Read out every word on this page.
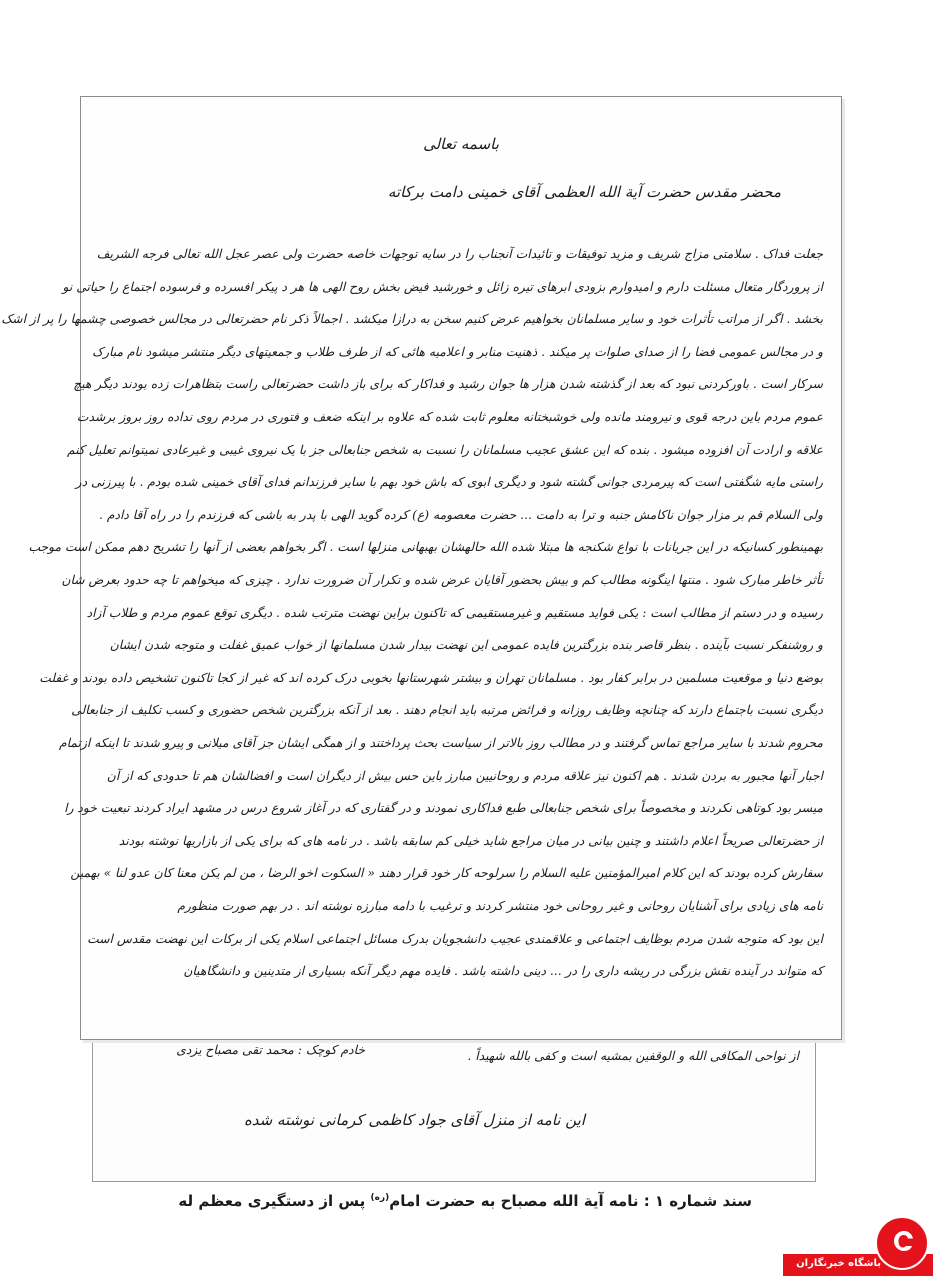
از نواحی المکافی الله و الوقفین بمشیه است و کفی بالله شهیداً .
خادم کوچک : محمد تقی مصباح یزدی
این نامه از منزل آقای جواد کاظمی کرمانی نوشته شده
باسمه تعالی
محضر مقدس حضرت آیة الله العظمی آقای خمینی دامت برکاته
جعلت فداک . سلامتی مزاج شریف و مزید توفیقات و تائیدات آنجناب را در سایه توجهات خاصه حضرت ولی عصر عجل الله تعالی فرجه الشریف
از پروردگار متعال مسئلت دارم و امیدوارم بزودی ابرهای تیره زائل و خورشید فیض بخش روح الهی ها هر د پیکر افسرده و فرسوده اجتماع را حیاتی نو
بخشد . اگر از مراتب تأثرات خود و سایر مسلمانان بخواهیم عرض کنیم سخن به درازا میکشد . اجمالاً ذکر نام حضرتعالی در مجالس خصوصی چشمها را پر از اشک
و در مجالس عمومی فضا را از صدای صلوات پر میکند . ذهنیت منابر و اعلامیه هائی که از طرف طلاب و جمعیتهای دیگر منتشر میشود نام مبارک
سرکار است . باورکردنی نبود که بعد از گذشته شدن هزار ها جوان رشید و فداکار که برای باز داشت حضرتعالی راست بتظاهرات زده بودند دیگر هیچ
عموم مردم باین درجه قوی و نیرومند مانده ولی خوشبختانه معلوم ثابت شده که علاوه بر اینکه ضعف و فتوری در مردم روی نداده روز بروز برشدت
علاقه و ارادت آن افزوده میشود . بنده که این عشق عجیب مسلمانان را نسبت به شخص جنابعالی جز با یک نیروی غیبی و غیرعادی نمیتوانم تعلیل کنم
راستی مایه شگفتی است که پیرمردی جوانی گشته شود و دیگری ابوی که باش خود بهم با سایر فرزندانم فدای آقای خمینی شده بودم . با پیرزنی در
ولی السلام قم بر مزار جوان ناکامش جنبه و ترا به دامت ... حضرت معصومه (ع) کرده گوید الهی با پدر به باشی که فرزندم را در راه آقا دادم .
بهمینطور کسانیکه در این جریانات با نواع شکنجه ها مبتلا شده الله حالهشان بهبهانی منزلها است . اگر بخواهم بعضی از آنها را تشریح دهم ممکن است موجب
تأثر خاطر مبارک شود . منتها اینگونه مطالب کم و بیش بحضور آقایان عرض شده و تکرار آن ضرورت ندارد . چیزی که میخواهم تا چه حدود بعرض شان
رسیده و در دستم از مطالب است : یکی فواید مستقیم و غیرمستقیمی که تاکنون براین نهضت مترتب شده . دیگری توقع عموم مردم و طلاب آزاد
و روشنفکر نسبت بآینده . بنظر قاصر بنده بزرگترین فایده عمومی این نهضت بیدار شدن مسلمانها از خواب عمیق غفلت و متوجه شدن ایشان
بوضع دنیا و موقعیت مسلمین در برابر کفار بود . مسلمانان تهران و بیشتر شهرستانها بخوبی درک کرده اند که غیر از کجا تاکنون تشخیص داده بودند و غفلت
دیگری نسبت باجتماع دارند که چنانچه وظایف روزانه و فرائض مرتبه باید انجام دهند . بعد از آنکه بزرگترین شخص حضوری و کسب تکلیف از جنابعالی
محروم شدند با سایر مراجع تماس گرفتند و در مطالب روز بالاتر از سیاست بحث پرداختند و از همگی ایشان جز آقای میلانی و پیرو شدند تا اینکه ازتمام
اجبار آنها مجبور به بردن شدند . هم اکنون نیز علاقه مردم و روحانیین مبارز باین حس بیش از دیگران است و افضالشان هم تا حدودی که از آن
میسر بود کوتاهی نکردند و مخصوصاً برای شخص جنابعالی طبع فداکاری نمودند و در گفتاری که در آغاز شروع درس در مشهد ایراد کردند تبعیت خود را
از حضرتعالی صریحاً اعلام داشتند و چنین بیانی در میان مراجع شاید خیلی کم سابقه باشد . در نامه های که برای یکی از بازاریها نوشته بودند
سفارش کرده بودند که این کلام امیرالمؤمنین علیه السلام را سرلوحه کار خود قرار دهند « السکوت اخو الرضا ، من لم یکن معنا کان عدو لنا » بهمین
نامه های زیادی برای آشنایان روحانی و غیر روحانی خود منتشر کردند و ترغیب با دامه مبارزه نوشته اند . در بهم صورت منظورم
این بود که متوجه شدن مردم بوظایف اجتماعی و علاقمندی عجیب دانشجویان بدرک مسائل اجتماعی اسلام یکی از برکات این نهضت مقدس است
که متواند در آینده نقش بزرگی در ریشه داری را در ... دینی داشته باشد . فایده مهم دیگر آنکه بسیاری از متدینین و دانشگاهیان
سند شماره ۱ : نامه آیة الله مصباح به حضرت امام$^{(ره)}$ پس از دستگیری معظم له
باشگاه خبرنگاران
